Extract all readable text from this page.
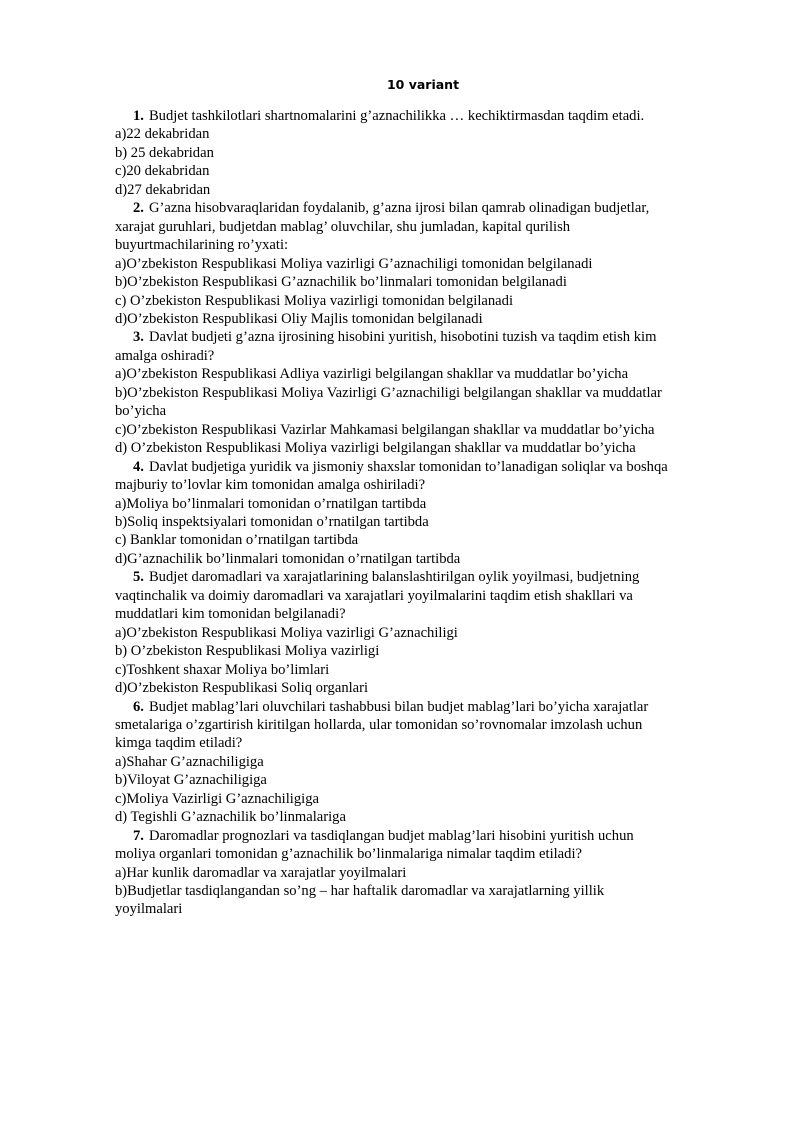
10 variant

1. Budjet tashkilotlari shartnomalarini g’aznachilikka … kechiktirmasdan taqdim etadi.

a)22 dekabridan

b) 25 dekabridan

c)20 dekabridan

d)27 dekabridan

2. G’azna hisobvaraqlaridan foydalanib, g’azna ijrosi bilan qamrab olinadigan budjetlar, xarajat guruhlari, budjetdan mablag’ oluvchilar, shu jumladan, kapital qurilish buyurtmachilarining ro’yxati:

a)O’zbekiston Respublikasi Moliya vazirligi G’aznachiligi tomonidan belgilanadi

b)O’zbekiston Respublikasi G’aznachilik bo’linmalari tomonidan belgilanadi

c) O’zbekiston Respublikasi Moliya vazirligi tomonidan belgilanadi

d)O’zbekiston Respublikasi Oliy Majlis tomonidan belgilanadi

3. Davlat budjeti g’azna ijrosining hisobini yuritish, hisobotini tuzish va taqdim etish kim amalga oshiradi?

a)O’zbekiston Respublikasi Adliya vazirligi belgilangan shakllar va muddatlar bo’yicha

b)O’zbekiston Respublikasi Moliya Vazirligi G’aznachiligi belgilangan shakllar va muddatlar bo’yicha

c)O’zbekiston Respublikasi Vazirlar Mahkamasi belgilangan shakllar va muddatlar bo’yicha

d) O’zbekiston Respublikasi Moliya vazirligi belgilangan shakllar va muddatlar bo’yicha

4. Davlat budjetiga yuridik va jismoniy shaxslar tomonidan to’lanadigan soliqlar va boshqa majburiy to’lovlar kim tomonidan amalga oshiriladi?

a)Moliya bo’linmalari tomonidan o’rnatilgan tartibda

b)Soliq inspektsiyalari tomonidan o’rnatilgan tartibda

c) Banklar tomonidan o’rnatilgan tartibda

d)G’aznachilik bo’linmalari tomonidan o’rnatilgan tartibda

5. Budjet daromadlari va xarajatlarining balanslashtirilgan oylik yoyilmasi, budjetning vaqtinchalik va doimiy daromadlari va xarajatlari yoyilmalarini taqdim etish shakllari va muddatlari kim tomonidan belgilanadi?

a)O’zbekiston Respublikasi Moliya vazirligi G’aznachiligi

b) O’zbekiston Respublikasi Moliya vazirligi

c)Toshkent shaxar Moliya bo’limlari

d)O’zbekiston Respublikasi Soliq organlari

6. Budjet mablag’lari oluvchilari tashabbusi bilan budjet mablag’lari bo’yicha xarajatlar smetalariga o’zgartirish kiritilgan hollarda, ular tomonidan so’rovnomalar imzolash uchun kimga taqdim etiladi?

a)Shahar G’aznachiligiga

b)Viloyat G’aznachiligiga

c)Moliya Vazirligi G’aznachiligiga

d) Tegishli G’aznachilik bo’linmalariga

7. Daromadlar prognozlari va tasdiqlangan budjet mablag’lari hisobini yuritish uchun moliya organlari tomonidan g’aznachilik bo’linmalariga nimalar taqdim etiladi?

a)Har kunlik daromadlar va xarajatlar yoyilmalari

b)Budjetlar tasdiqlangandan so’ng – har haftalik daromadlar va xarajatlarning yillik yoyilmalari
